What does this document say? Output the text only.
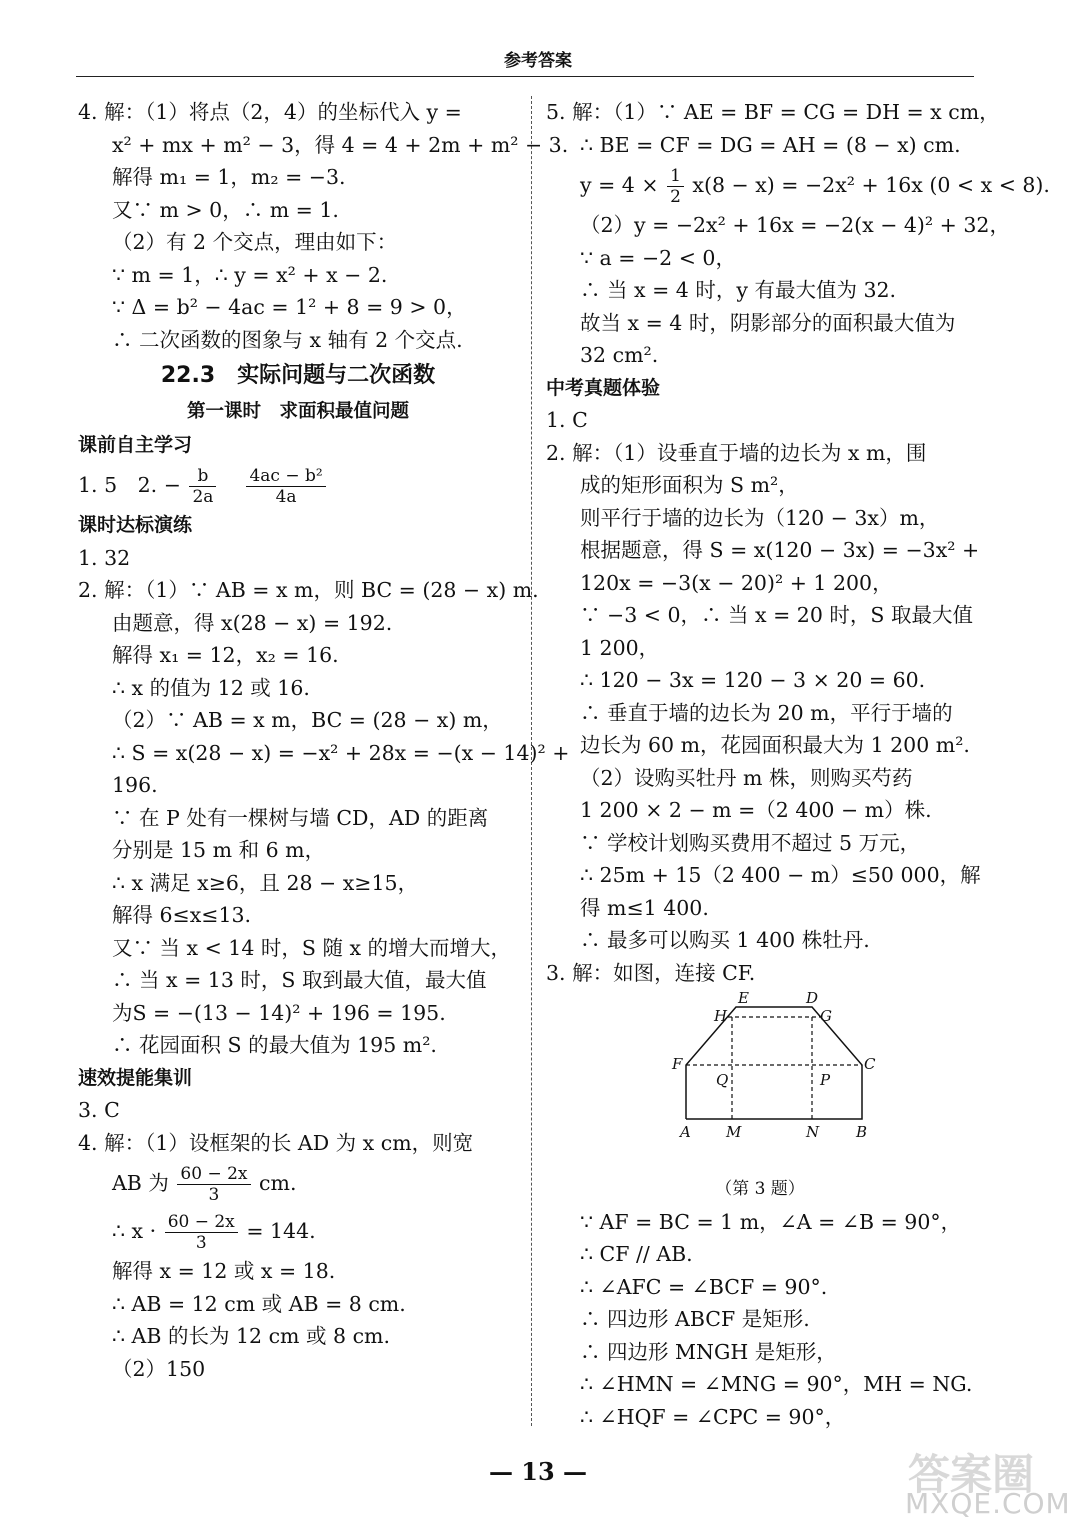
参考答案
4. 解：（1）将点（2，4）的坐标代入 y =
x² + mx + m² − 3，得 4 = 4 + 2m + m² − 3.
解得 m₁ = 1，m₂ = −3.
又∵ m > 0，∴ m = 1.
（2）有 2 个交点，理由如下：
∵ m = 1，∴ y = x² + x − 2.
∵ Δ = b² − 4ac = 1² + 8 = 9 > 0，
∴ 二次函数的图象与 x 轴有 2 个交点.
22.3　实际问题与二次函数
第一课时　求面积最值问题
课前自主学习
1. 5　2. − $\frac{b}{2a}$
$\frac{\text{4ac − b²}}{4a}$
课时达标演练
1. 32
2. 解：（1）∵ AB = x m，则 BC = (28 − x) m.
由题意，得 x(28 − x) = 192.
解得 x₁ = 12，x₂ = 16.
∴ x 的值为 12 或 16.
（2）∵ AB = x m，BC = (28 − x) m，
∴ S = x(28 − x) = −x² + 28x = −(x − 14)² +
196.
∵ 在 P 处有一棵树与墙 CD，AD 的距离
分别是 15 m 和 6 m，
∴ x 满足 x≥6，且 28 − x≥15，
解得 6≤x≤13.
又∵ 当 x < 14 时，S 随 x 的增大而增大，
∴ 当 x = 13 时，S 取到最大值，最大值
为S = −(13 − 14)² + 196 = 195.
∴ 花园面积 S 的最大值为 195 m².
速效提能集训
3. C
4. 解：（1）设框架的长 AD 为 x cm，则宽
AB 为 $\frac{60 - 2x}{3}$ cm.
∴ $x \cdot \frac{60 - 2x}{3} = 144$.
解得 x = 12 或 x = 18.
∴ AB = 12 cm 或 AB = 8 cm.
∴ AB 的长为 12 cm 或 8 cm.
（2）150
5. 解：（1）∵ AE = BF = CG = DH = x cm，
∴ BE = CF = DG = AH = (8 − x) cm.
$y = 4 \times \frac{1}{2} x(8 - x) = -2x^2 + 16x$ (0 < x < 8).
（2）y = −2x² + 16x = −2(x − 4)² + 32，
∵ a = −2 < 0，
∴ 当 x = 4 时，y 有最大值为 32.
故当 x = 4 时，阴影部分的面积最大值为
32 cm².
中考真题体验
1. C
2. 解：（1）设垂直于墙的边长为 x m，围
成的矩形面积为 S m²，
则平行于墙的边长为（120 − 3x）m，
根据题意，得 S = x(120 − 3x) = −3x² +
120x = −3(x − 20)² + 1 200，
∵ −3 < 0，∴ 当 x = 20 时，S 取最大值
1 200，
∴ 120 − 3x = 120 − 3 × 20 = 60.
∴ 垂直于墙的边长为 20 m，平行于墙的
边长为 60 m，花园面积最大为 1 200 m².
（2）设购买牡丹 m 株，则购买芍药
1 200 × 2 − m =（2 400 − m）株.
∵ 学校计划购买费用不超过 5 万元，
∴ 25m + 15（2 400 − m）≤50 000，解
得 m≤1 400.
∴ 最多可以购买 1 400 株牡丹.
3. 解：如图，连接 CF.
E	D
H	G
F	C
Q	P
A M	N B
（第 3 题）
∵ AF = BC = 1 m，∠A = ∠B = 90°，
∴ CF // AB.
∴ ∠AFC = ∠BCF = 90°.
∴ 四边形 ABCF 是矩形.
∴ 四边形 MNGH 是矩形，
∴ ∠HMN = ∠MNG = 90°，MH = NG.
∴ ∠HQF = ∠CPC = 90°，
— 13 —	答案圈
MXQE.COM
